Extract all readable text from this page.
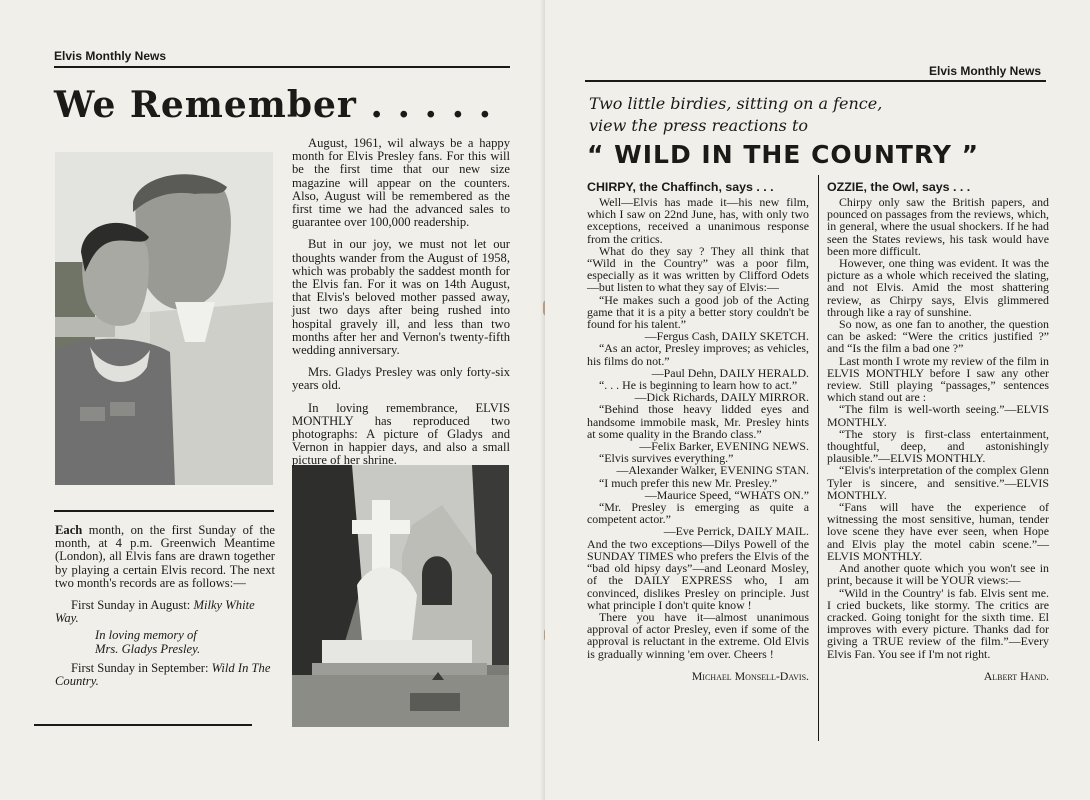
Elvis Monthly News
We Remember . . . . .

August, 1961, wil always be a happy month for Elvis Presley fans. For this will be the first time that our new size magazine will appear on the counters. Also, August will be remembered as the first time we had the advanced sales to guarantee over 100,000 readership.

But in our joy, we must not let our thoughts wander from the August of 1958, which was probably the saddest month for the Elvis fan. For it was on 14th August, that Elvis's beloved mother passed away, just two days after being rushed into hospital gravely ill, and less than two months after her and Vernon's twenty-fifth wedding anniversary.

Mrs. Gladys Presley was only forty-six years old.

In loving remembrance, ELVIS MONTHLY has reproduced two photographs: A picture of Gladys and Vernon in happier days, and also a small picture of her shrine.

Each month, on the first Sunday of the month, at 4 p.m. Greenwich Meantime (London), all Elvis fans are drawn together by playing a certain Elvis record. The next two month's records are as follows:—

First Sunday in August: Milky White Way.

In loving memory of

Mrs. Gladys Presley.

First Sunday in September: Wild In The Country.

Elvis Monthly News
Two little birdies, sitting on a fence,
view the press reactions to
“ WILD IN THE COUNTRY ”
CHIRPY, the Chaffinch, says . . .	OZZIE, the Owl, says . . .

Well—Elvis has made it—his new film, which I saw on 22nd June, has, with only two exceptions, received a unanimous response from the critics.

What do they say ? They all think that “Wild in the Country” was a poor film, especially as it was written by Clifford Odets—but listen to what they say of Elvis:—

“He makes such a good job of the Acting game that it is a pity a better story couldn't be found for his talent.”

—Fergus Cash, DAILY SKETCH.

“As an actor, Presley improves; as vehicles, his films do not.”

—Paul Dehn, DAILY HERALD.

“. . . He is beginning to learn how to act.”

—Dick Richards, DAILY MIRROR.

“Behind those heavy lidded eyes and handsome immobile mask, Mr. Presley hints at some quality in the Brando class.”

—Felix Barker, EVENING NEWS.

“Elvis survives everything.”

—Alexander Walker, EVENING STAN.

“I much prefer this new Mr. Presley.”

—Maurice Speed, “WHATS ON.”

“Mr. Presley is emerging as quite a competent actor.”

—Eve Perrick, DAILY MAIL.

And the two exceptions—Dilys Powell of the SUNDAY TIMES who prefers the Elvis of the “bad old hipsy days”—and Leonard Mosley, of the DAILY EXPRESS who, I am convinced, dislikes Presley on principle. Just what principle I don't quite know !

There you have it—almost unanimous approval of actor Presley, even if some of the approval is reluctant in the extreme. Old Elvis is gradually winning 'em over. Cheers !

Michael Monsell-Davis.

Chirpy only saw the British papers, and pounced on passages from the reviews, which, in general, where the usual shockers. If he had seen the States reviews, his task would have been more difficult.

However, one thing was evident. It was the picture as a whole which received the slating, and not Elvis. Amid the most shattering review, as Chirpy says, Elvis glimmered through like a ray of sunshine.

So now, as one fan to another, the question can be asked: “Were the critics justified ?” and “Is the film a bad one ?”

Last month I wrote my review of the film in ELVIS MONTHLY before I saw any other review. Still playing “passages,” sentences which stand out are :

“The film is well-worth seeing.”—ELVIS MONTHLY.

“The story is first-class entertainment, thoughtful, deep, and astonishingly plausible.”—ELVIS MONTHLY.

“Elvis's interpretation of the complex Glenn Tyler is sincere, and sensitive.”—ELVIS MONTHLY.

“Fans will have the experience of witnessing the most sensitive, human, tender love scene they have ever seen, when Hope and Elvis play the motel cabin scene.”—ELVIS MONTHLY.

And another quote which you won't see in print, because it will be YOUR views:—

“Wild in the Country' is fab. Elvis sent me. I cried buckets, like stormy. The critics are cracked. Going tonight for the sixth time. El improves with every picture. Thanks dad for giving a TRUE review of the film.”—Every Elvis Fan. You see if I'm not right.

Albert Hand.
